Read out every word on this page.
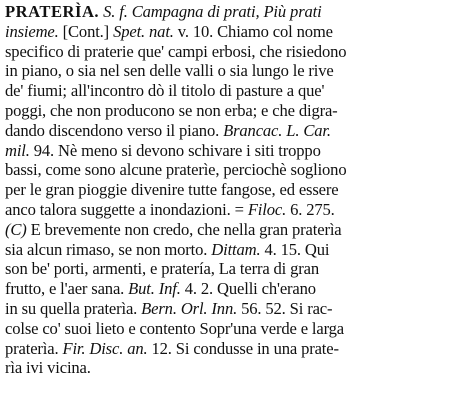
PRATERÌA. S. f. Campagna di prati, Più prati
insieme. [Cont.] Spet. nat. v. 10. Chiamo col nome
specifico di praterie que' campi erbosi, che risiedono
in piano, o sia nel sen delle valli o sia lungo le rive
de' fiumi; all'incontro dò il titolo di pasture a que'
poggi, che non producono se non erba; e che digra-
dando discendono verso il piano. Brancac. L. Car.
mil. 94. Nè meno si devono schivare i siti troppo
bassi, come sono alcune praterìe, perciochè sogliono
per le gran pioggie divenire tutte fangose, ed essere
anco talora suggette a inondazioni. = Filoc. 6. 275.
(C) E brevemente non credo, che nella gran praterìa
sia alcun rimaso, se non morto. Dittam. 4. 15. Qui
son be' porti, armenti, e pratería, La terra di gran
frutto, e l'aer sana. But. Inf. 4. 2. Quelli ch'erano
in su quella praterìa. Bern. Orl. Inn. 56. 52. Si rac-
colse co' suoi lieto e contento Sopr'una verde e larga
praterìa. Fir. Disc. an. 12. Si condusse in una prate-
rìa ivi vicina.
